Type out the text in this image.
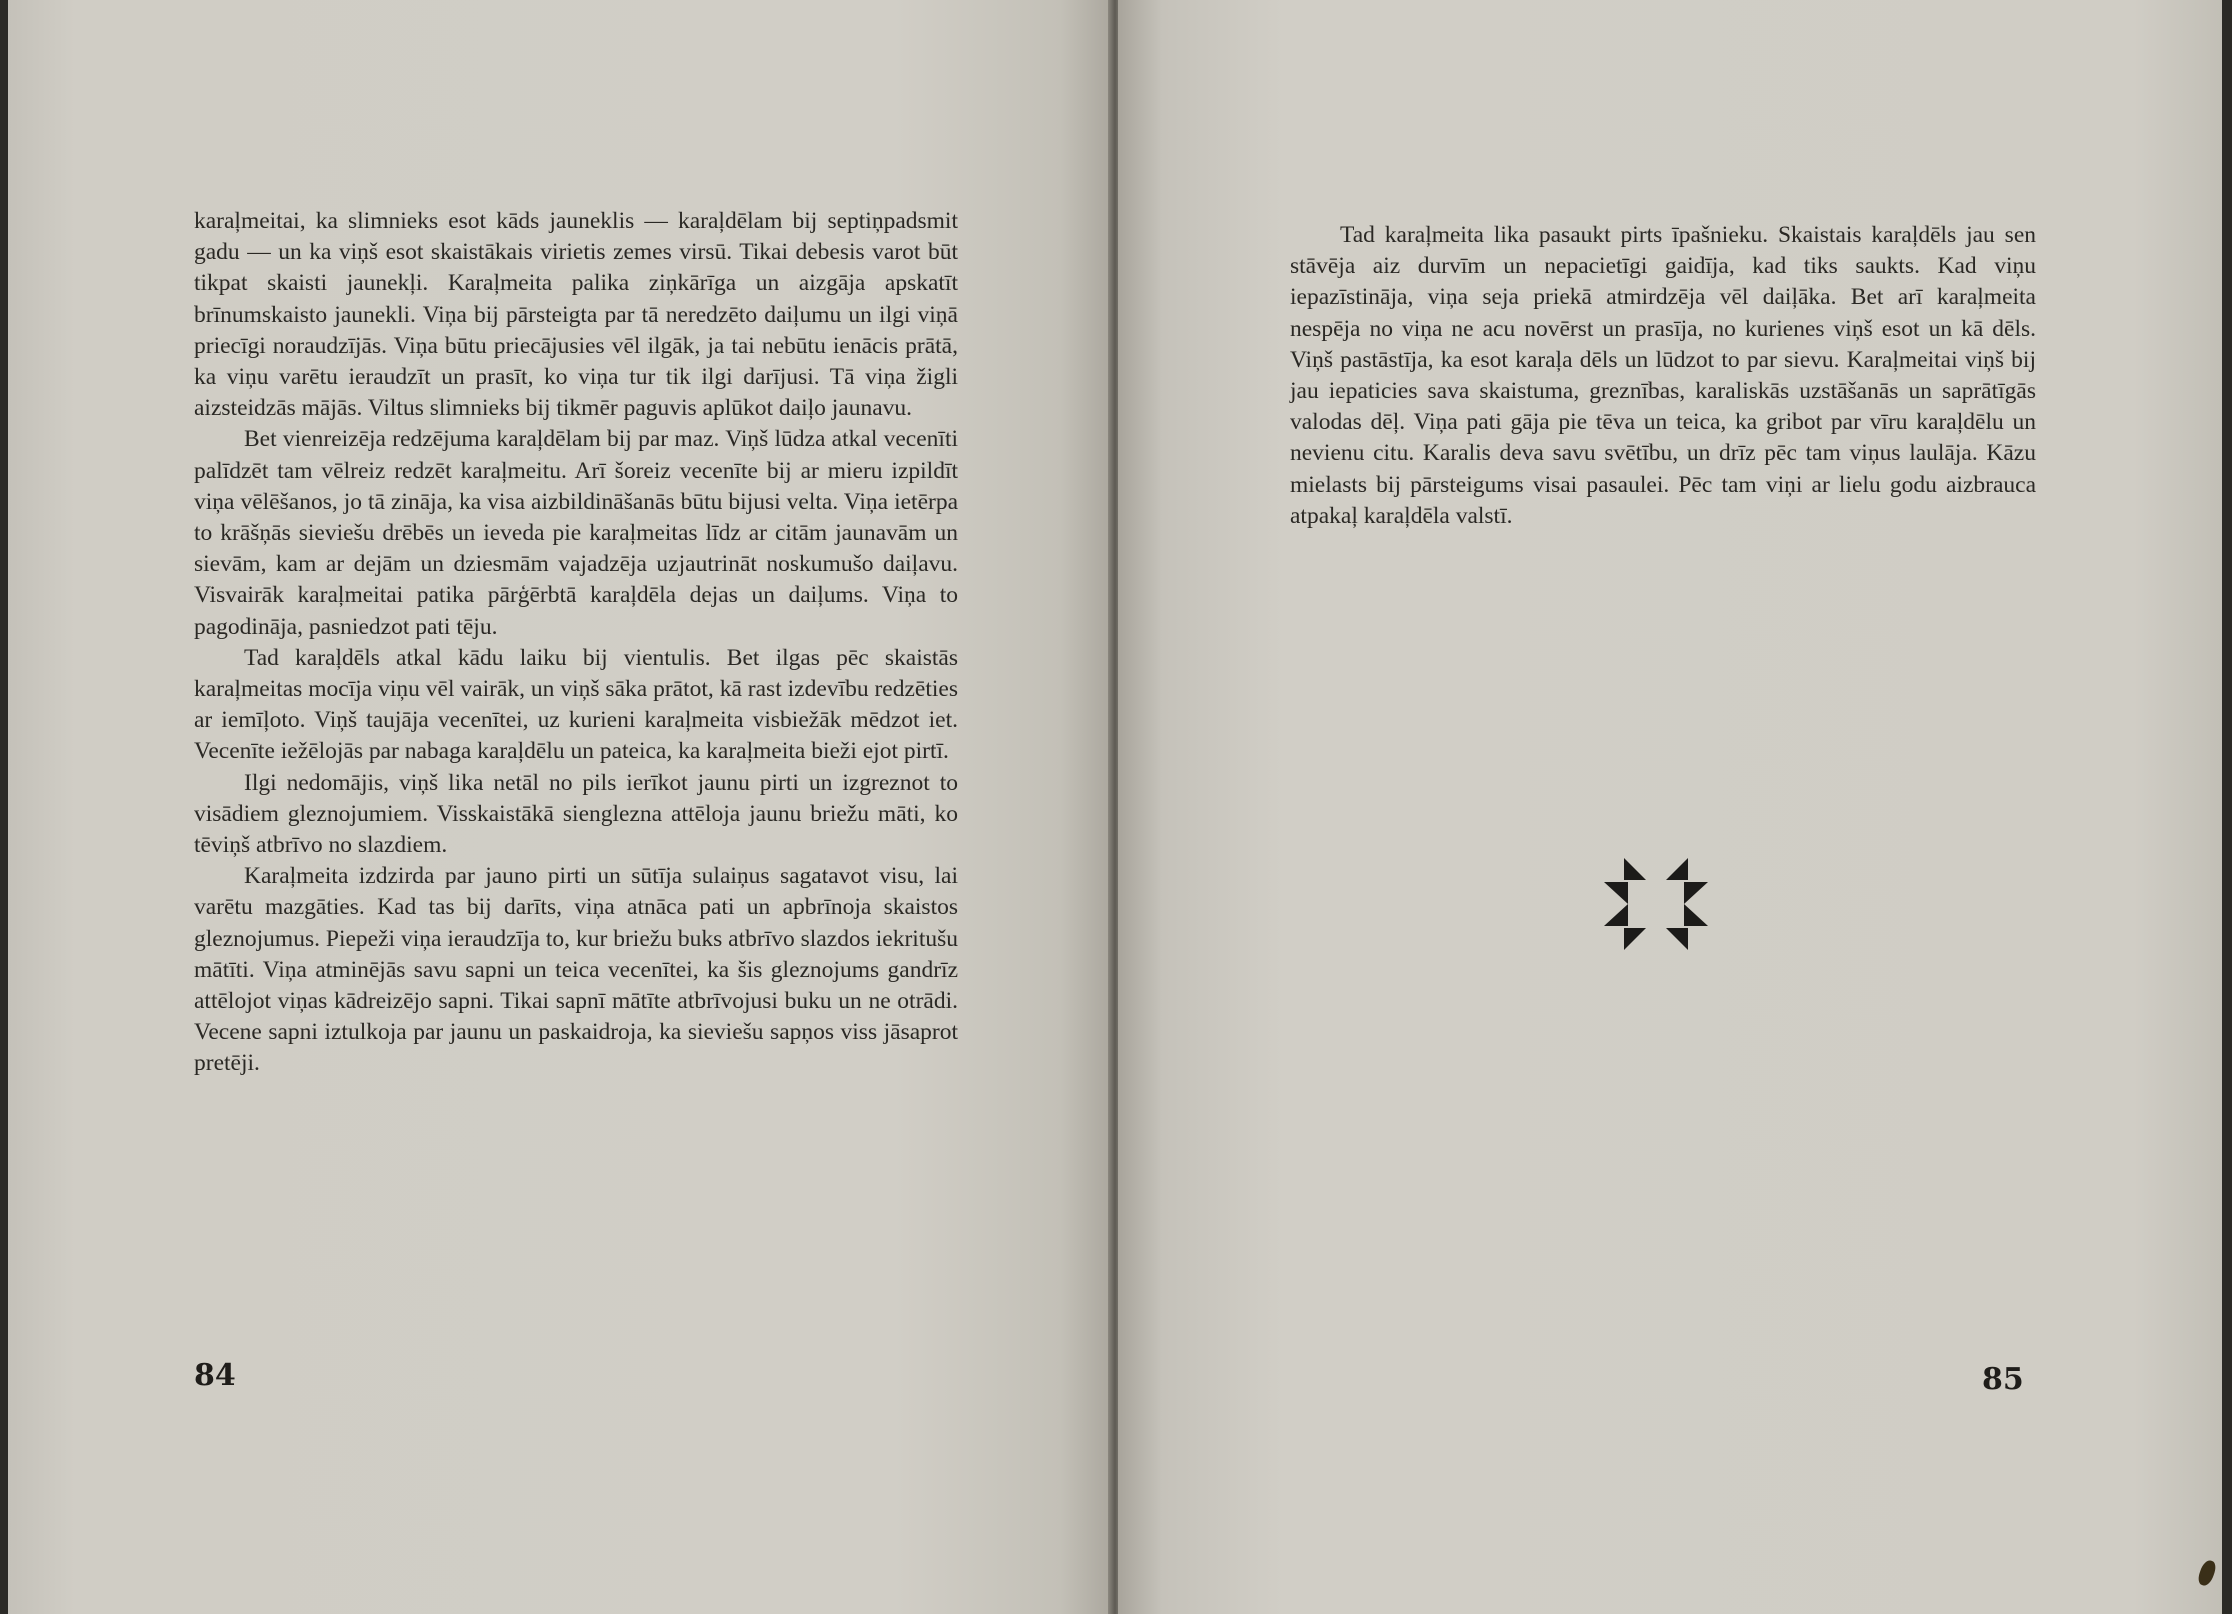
karaļmeitai, ka slimnieks esot kāds jauneklis — karaļdēlam bij septiņpadsmit gadu — un ka viņš esot skaistākais virietis zemes virsū. Tikai debesis varot būt tikpat skaisti jaunekļi. Karaļmeita palika ziņkārīga un aizgāja apskatīt brīnumskaisto jaunekli. Viņa bij pārsteigta par tā neredzēto daiļumu un ilgi viņā priecīgi noraudzījās. Viņa būtu priecājusies vēl ilgāk, ja tai nebūtu ienācis prātā, ka viņu varētu ieraudzīt un prasīt, ko viņa tur tik ilgi darījusi. Tā viņa žigli aizsteidzās mājās. Viltus slimnieks bij tikmēr paguvis aplūkot daiļo jaunavu.

Bet vienreizēja redzējuma karaļdēlam bij par maz. Viņš lūdza atkal vecenīti palīdzēt tam vēlreiz redzēt karaļmeitu. Arī šoreiz vecenīte bij ar mieru izpildīt viņa vēlēšanos, jo tā zināja, ka visa aizbildināšanās būtu bijusi velta. Viņa ietērpa to krāšņās sieviešu drēbēs un ieveda pie karaļmeitas līdz ar citām jaunavām un sievām, kam ar dejām un dziesmām vajadzēja uzjautrināt noskumušo daiļavu. Visvairāk karaļmeitai patika pārģērbtā karaļdēla dejas un daiļums. Viņa to pagodināja, pasniedzot pati tēju.

Tad karaļdēls atkal kādu laiku bij vientulis. Bet ilgas pēc skaistās karaļmeitas mocīja viņu vēl vairāk, un viņš sāka prātot, kā rast izdevību redzēties ar iemīļoto. Viņš taujāja vecenītei, uz kurieni karaļmeita visbiežāk mēdzot iet. Vecenīte iežēlojās par nabaga karaļdēlu un pateica, ka karaļmeita bieži ejot pirtī.

Ilgi nedomājis, viņš lika netāl no pils ierīkot jaunu pirti un izgreznot to visādiem gleznojumiem. Visskaistākā sienglezna attēloja jaunu briežu māti, ko tēviņš atbrīvo no slazdiem.

Karaļmeita izdzirda par jauno pirti un sūtīja sulaiņus sagatavot visu, lai varētu mazgāties. Kad tas bij darīts, viņa atnāca pati un apbrīnoja skaistos gleznojumus. Piepeži viņa ieraudzīja to, kur briežu buks atbrīvo slazdos iekritušu mātīti. Viņa atminējās savu sapni un teica vecenītei, ka šis gleznojums gandrīz attēlojot viņas kādreizējo sapni. Tikai sapnī mātīte atbrīvojusi buku un ne otrādi. Vecene sapni iztulkoja par jaunu un paskaidroja, ka sieviešu sapņos viss jāsaprot pretēji.

84

Tad karaļmeita lika pasaukt pirts īpašnieku. Skaistais karaļdēls jau sen stāvēja aiz durvīm un nepacietīgi gaidīja, kad tiks saukts. Kad viņu iepazīstināja, viņa seja priekā atmirdzēja vēl daiļāka. Bet arī karaļmeita nespēja no viņa ne acu novērst un prasīja, no kurienes viņš esot un kā dēls. Viņš pastāstīja, ka esot karaļa dēls un lūdzot to par sievu. Karaļmeitai viņš bij jau iepaticies sava skaistuma, greznības, karaliskās uzstāšanās un saprātīgās valodas dēļ. Viņa pati gāja pie tēva un teica, ka gribot par vīru karaļdēlu un nevienu citu. Karalis deva savu svētību, un drīz pēc tam viņus laulāja. Kāzu mielasts bij pārsteigums visai pasaulei. Pēc tam viņi ar lielu godu aizbrauca atpakaļ karaļdēla valstī.

85
